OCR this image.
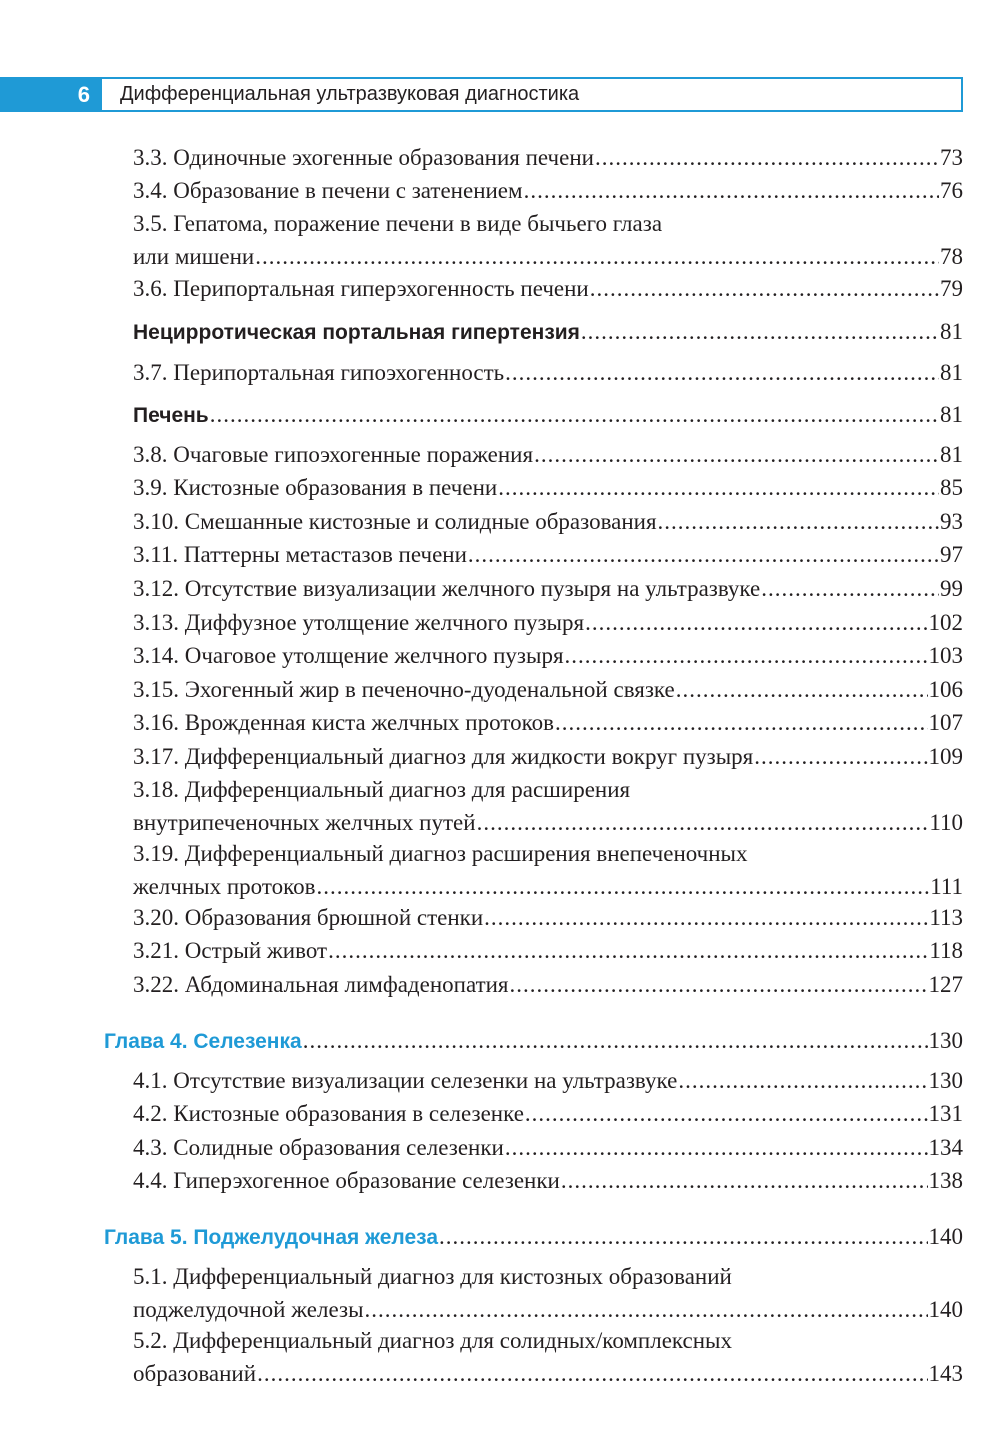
6	Дифференциальная ультразвуковая диагностика
3.3. Одиночные эхогенные образования печени .....	73
3.4. Образование в печени с затенением .....	76
3.5. Гепатома, поражение печени в виде бычьего глаза
или мишени .....	78
3.6. Перипортальная гиперэхогенность печени .....	79
Нецирротическая портальная гипертензия .....	81
3.7. Перипортальная гипоэхогенность .....	81
Печень .....	81
3.8. Очаговые гипоэхогенные поражения .....	81
3.9. Кистозные образования в печени .....	85
3.10. Смешанные кистозные и солидные образования .....	93
3.11. Паттерны метастазов печени .....	97
3.12. Отсутствие визуализации желчного пузыря на ультразвуке .....	99
3.13. Диффузное утолщение желчного пузыря .....	102
3.14. Очаговое утолщение желчного пузыря .....	103
3.15. Эхогенный жир в печеночно-дуоденальной связке .....	106
3.16. Врожденная киста желчных протоков .....	107
3.17. Дифференциальный диагноз для жидкости вокруг пузыря .....	109
3.18. Дифференциальный диагноз для расширения
внутрипеченочных желчных путей .....	110
3.19. Дифференциальный диагноз расширения внепеченочных
желчных протоков .....	111
3.20. Образования брюшной стенки .....	113
3.21. Острый живот .....	118
3.22. Абдоминальная лимфаденопатия .....	127
Глава 4. Селезенка .....	130
4.1. Отсутствие визуализации селезенки на ультразвуке .....	130
4.2. Кистозные образования в селезенке .....	131
4.3. Солидные образования селезенки .....	134
4.4. Гиперэхогенное образование селезенки .....	138
Глава 5. Поджелудочная железа .....	140
5.1. Дифференциальный диагноз для кистозных образований
поджелудочной железы .....	140
5.2. Дифференциальный диагноз для солидных/комплексных
образований .....	143
